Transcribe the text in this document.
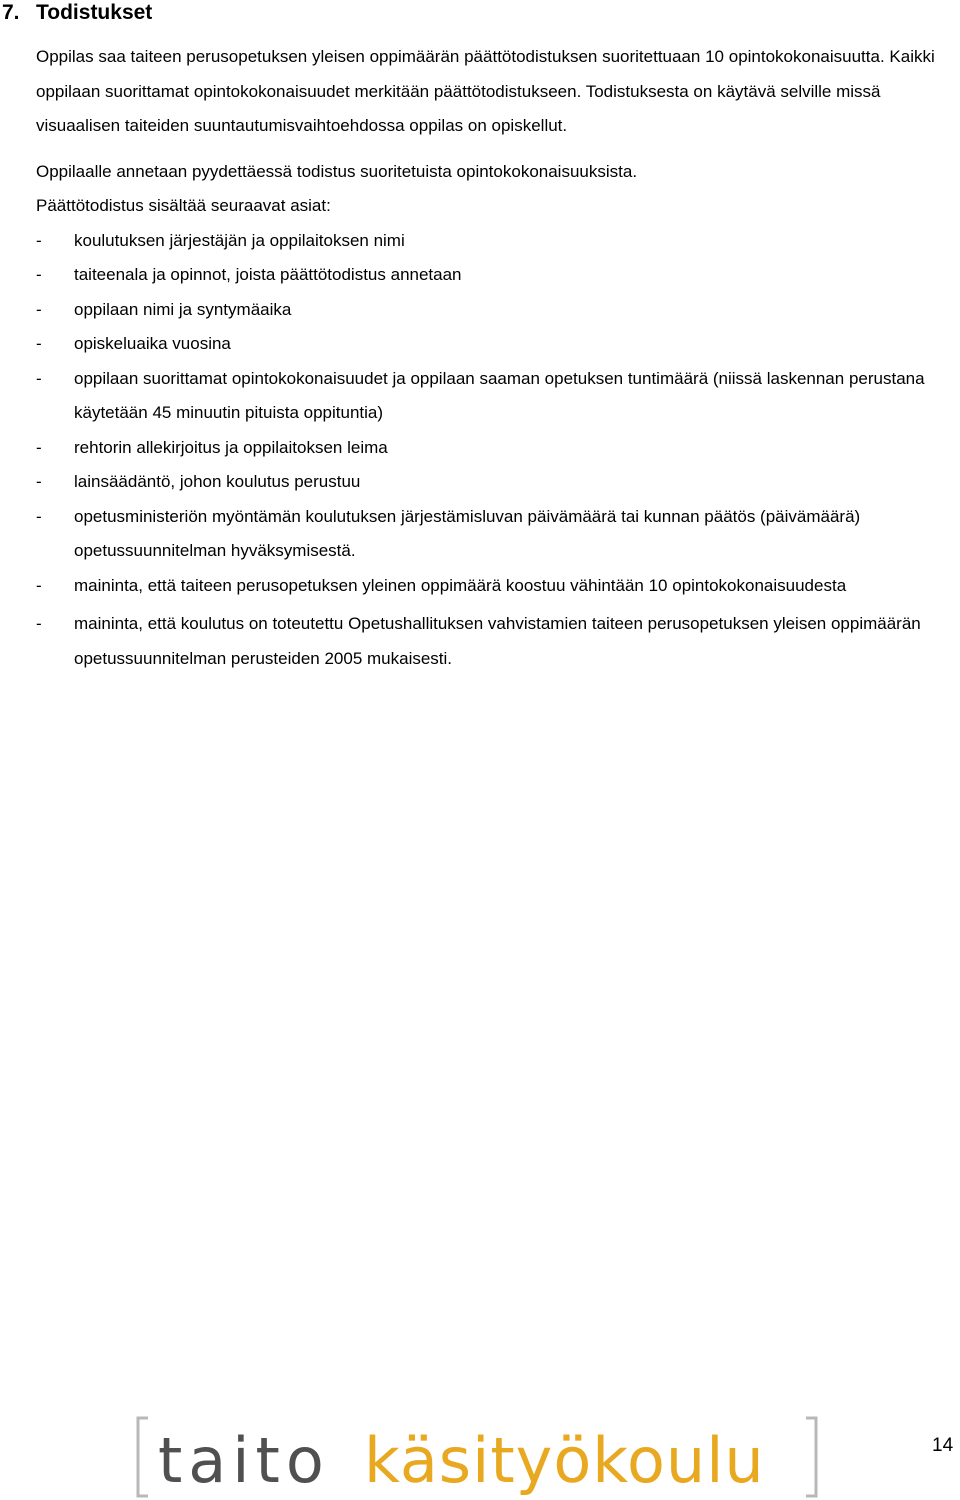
7. Todistukset

Oppilas saa taiteen perusopetuksen yleisen oppimäärän päättötodistuksen suoritettuaan 10 opintokokonaisuutta. Kaikki oppilaan suorittamat opintokokonaisuudet merkitään päättötodistukseen. Todistuksesta on käytävä selville missä visuaalisen taiteiden suuntautumisvaihtoehdossa oppilas on opiskellut.

Oppilaalle annetaan pyydettäessä todistus suoritetuista opintokokonaisuuksista.

Päättötodistus sisältää seuraavat asiat:

- koulutuksen järjestäjän ja oppilaitoksen nimi
- taiteenala ja opinnot, joista päättötodistus annetaan
- oppilaan nimi ja syntymäaika
- opiskeluaika vuosina
- oppilaan suorittamat opintokokonaisuudet ja oppilaan saaman opetuksen tuntimäärä (niissä laskennan perustana käytetään 45 minuutin pituista oppituntia)
- rehtorin allekirjoitus ja oppilaitoksen leima
- lainsäädäntö, johon koulutus perustuu
- opetusministeriön myöntämän koulutuksen järjestämisluvan päivämäärä tai kunnan päätös (päivämäärä) opetussuunnitelman hyväksymisestä.
- maininta, että taiteen perusopetuksen yleinen oppimäärä koostuu vähintään 10 opintokokonaisuudesta
- maininta, että koulutus on toteutettu Opetushallituksen vahvistamien taiteen perusopetuksen yleisen oppimäärän opetussuunnitelman perusteiden 2005 mukaisesti.
taito käsityökoulu	14
